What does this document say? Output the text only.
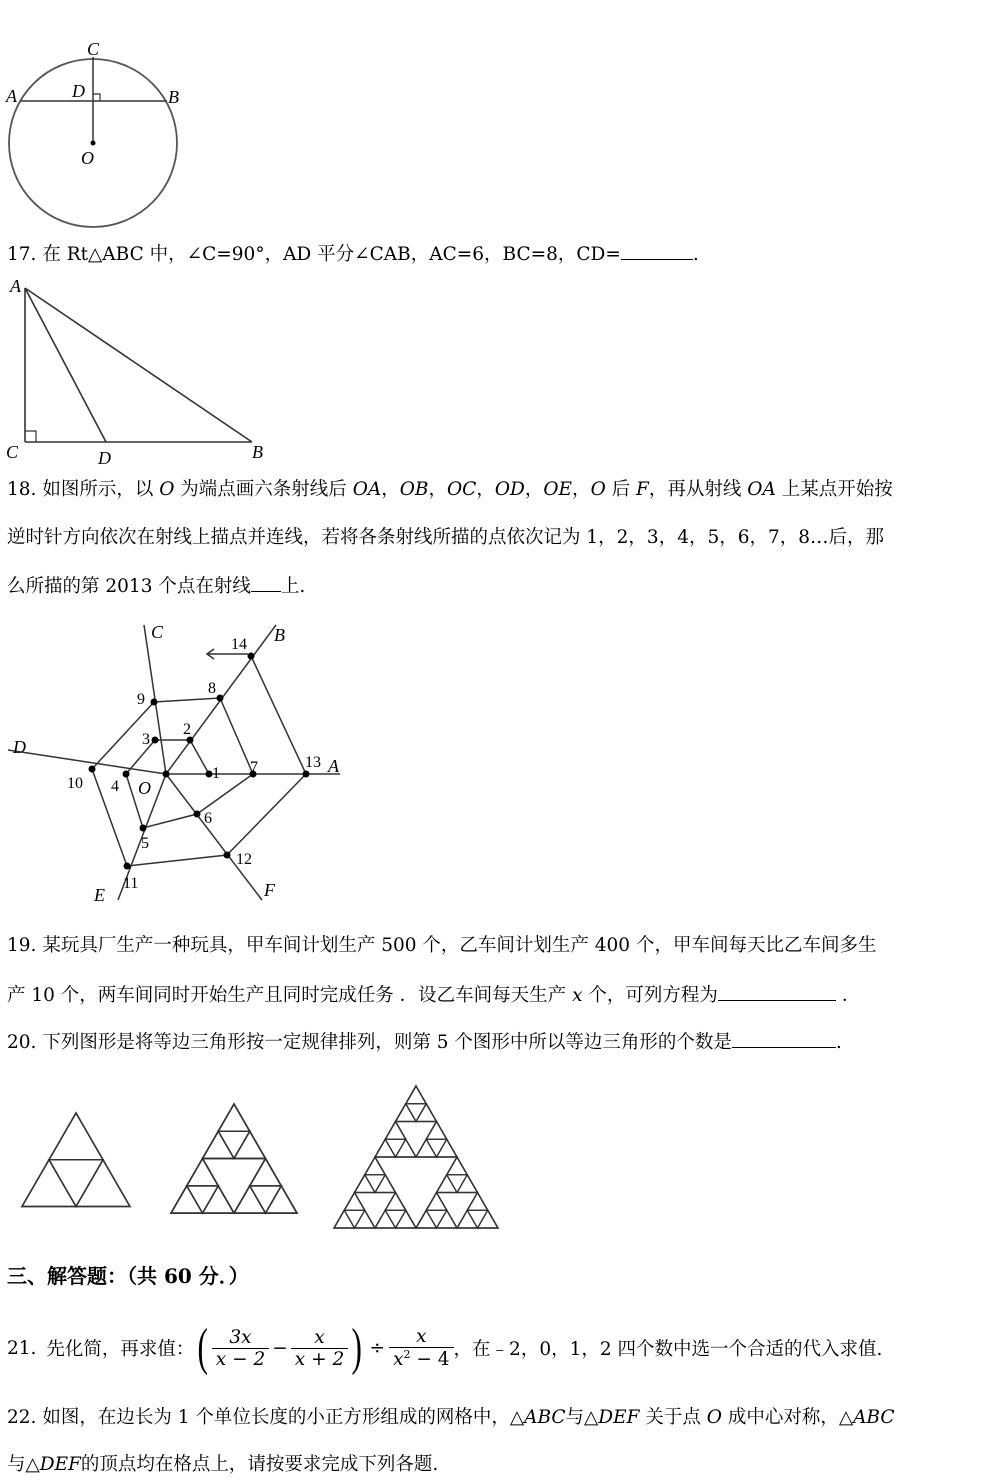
C
A	D	B
O
17. 在 Rt△ABC 中，∠C=90°，AD 平分∠CAB，AC=6，BC=8，CD=	.
A
C	D	B
18. 如图所示，以 O 为端点画六条射线后 OA，OB，OC，OD，OE，O 后 F，再从射线 OA 上某点开始按
逆时针方向依次在射线上描点并连线，若将各条射线所描的点依次记为 1，2，3，4，5，6，7，8…后，那
么所描的第 2013 个点在射线 上.
A
B
C
D
E	F
O
1
2
3
4
5
6
7
8
9
10
11
12
13
14
19. 某玩具厂生产一种玩具，甲车间计划生产 500 个，乙车间计划生产 400 个，甲车间每天比乙车间多生
产 10 个，两车间同时开始生产且同时完成任务 ．设乙车间每天生产 x 个，可列方程为	．
20. 下列图形是将等边三角形按一定规律排列，则第 5 个图形中所以等边三角形的个数是	.
三、解答题：（共 60 分．）
21. 先化简，再求值： ( 3x
x − 2
− $\frac{x}{x + 2}$ ) ÷ $\frac{x}{x^2 - 4}$ ，在﹣2，0，1，2 四个数中选一个合适的代入求值.
22. 如图，在边长为 1 个单位长度的小正方形组成的网格中，△ABC与△DEF 关于点 O 成中心对称，△ABC
与△DEF的顶点均在格点上，请按要求完成下列各题.
